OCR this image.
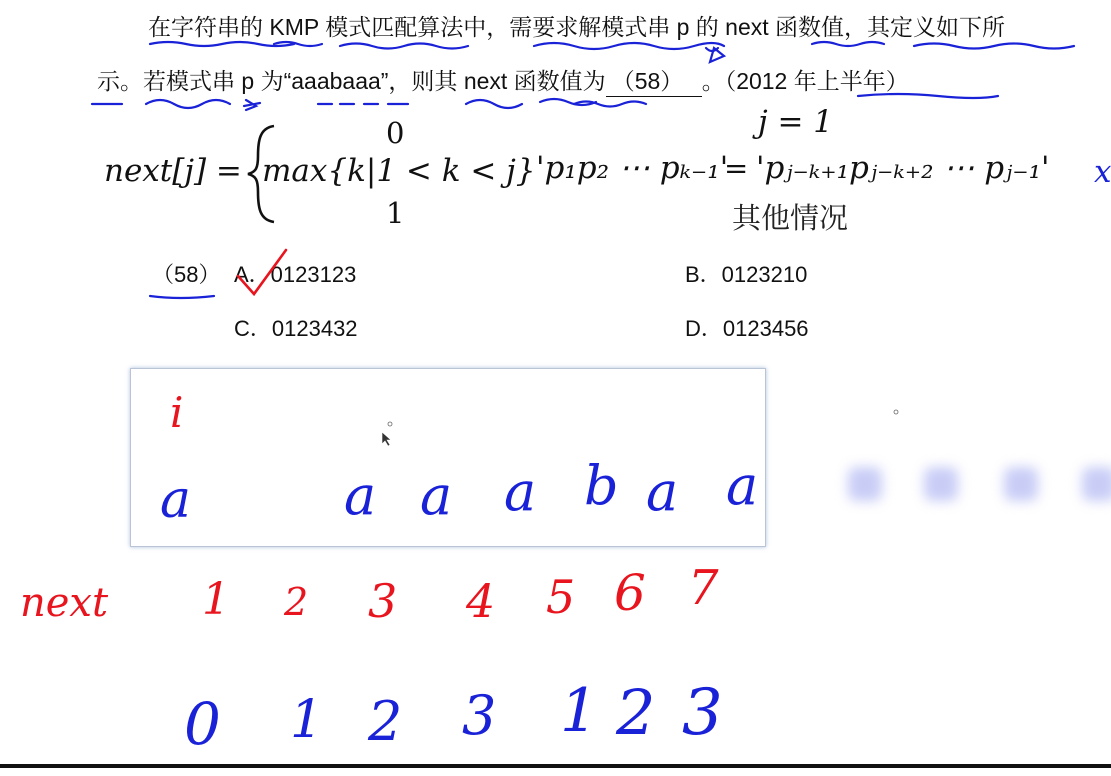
在字符串的 KMP 模式匹配算法中，需要求解模式串 p 的 next 函数值，其定义如下所
示。若模式串 p 为“aaabaaa”，则其 next 函数值为 （58） 。（2012 年上半年）
next[j] =
0	j = 1
max{k|1 < k < j} 'p₁p₂ ⋯ pₖ₋₁'
= 'pⱼ₋ₖ₊₁pⱼ₋ₖ₊₂ ⋯ pⱼ₋₁'
1	其他情况
x
（58） A．0123123	B．0123210
C．0123432	D．0123456
i
a	a a a b a a
next 1 2 3 4 5 6 7
0 1 2 3 1 2 3
